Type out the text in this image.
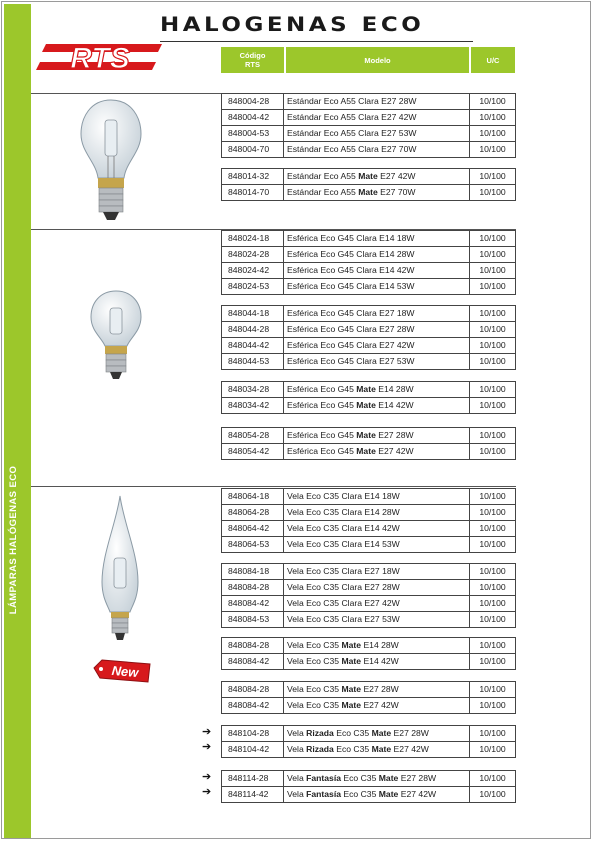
LÁMPARAS HALÓGENAS ECO
RTS
HALOGENAS ECO
Código
RTS	Modelo	U/C
New
848004-28	Estándar Eco A55 Clara E27 28W	10/100
848004-42	Estándar Eco A55 Clara E27 42W	10/100
848004-53	Estándar Eco A55 Clara E27 53W	10/100
848004-70	Estándar Eco A55 Clara E27 70W	10/100
848014-32	Estándar Eco A55 Mate E27 42W	10/100
848014-70	Estándar Eco A55 Mate E27 70W	10/100
848024-18	Esférica Eco G45 Clara E14 18W	10/100
848024-28	Esférica Eco G45 Clara E14 28W	10/100
848024-42	Esférica Eco G45 Clara E14 42W	10/100
848024-53	Esférica Eco G45 Clara E14 53W	10/100
848044-18	Esférica Eco G45 Clara E27 18W	10/100
848044-28	Esférica Eco G45 Clara E27 28W	10/100
848044-42	Esférica Eco G45 Clara E27 42W	10/100
848044-53	Esférica Eco G45 Clara E27 53W	10/100
848034-28	Esférica Eco G45 Mate E14 28W	10/100
848034-42	Esférica Eco G45 Mate E14 42W	10/100
848054-28	Esférica Eco G45 Mate E27 28W	10/100
848054-42	Esférica Eco G45 Mate E27 42W	10/100
848064-18	Vela Eco C35 Clara E14 18W	10/100
848064-28	Vela Eco C35 Clara E14 28W	10/100
848064-42	Vela Eco C35 Clara E14 42W	10/100
848064-53	Vela Eco C35 Clara E14 53W	10/100
848084-18	Vela Eco C35 Clara E27 18W	10/100
848084-28	Vela Eco C35 Clara E27 28W	10/100
848084-42	Vela Eco C35 Clara E27 42W	10/100
848084-53	Vela Eco C35 Clara E27 53W	10/100
848084-28	Vela Eco C35 Mate E14 28W	10/100
848084-42	Vela Eco C35 Mate E14 42W	10/100
848084-28	Vela Eco C35 Mate E27 28W	10/100
848084-42	Vela Eco C35 Mate E27 42W	10/100
➔
➔
848104-28	Vela Rizada Eco C35 Mate E27 28W	10/100
848104-42	Vela Rizada Eco C35 Mate E27 42W	10/100
➔
➔
848114-28	Vela Fantasía Eco C35 Mate E27 28W	10/100
848114-42	Vela Fantasía Eco C35 Mate E27 42W	10/100
